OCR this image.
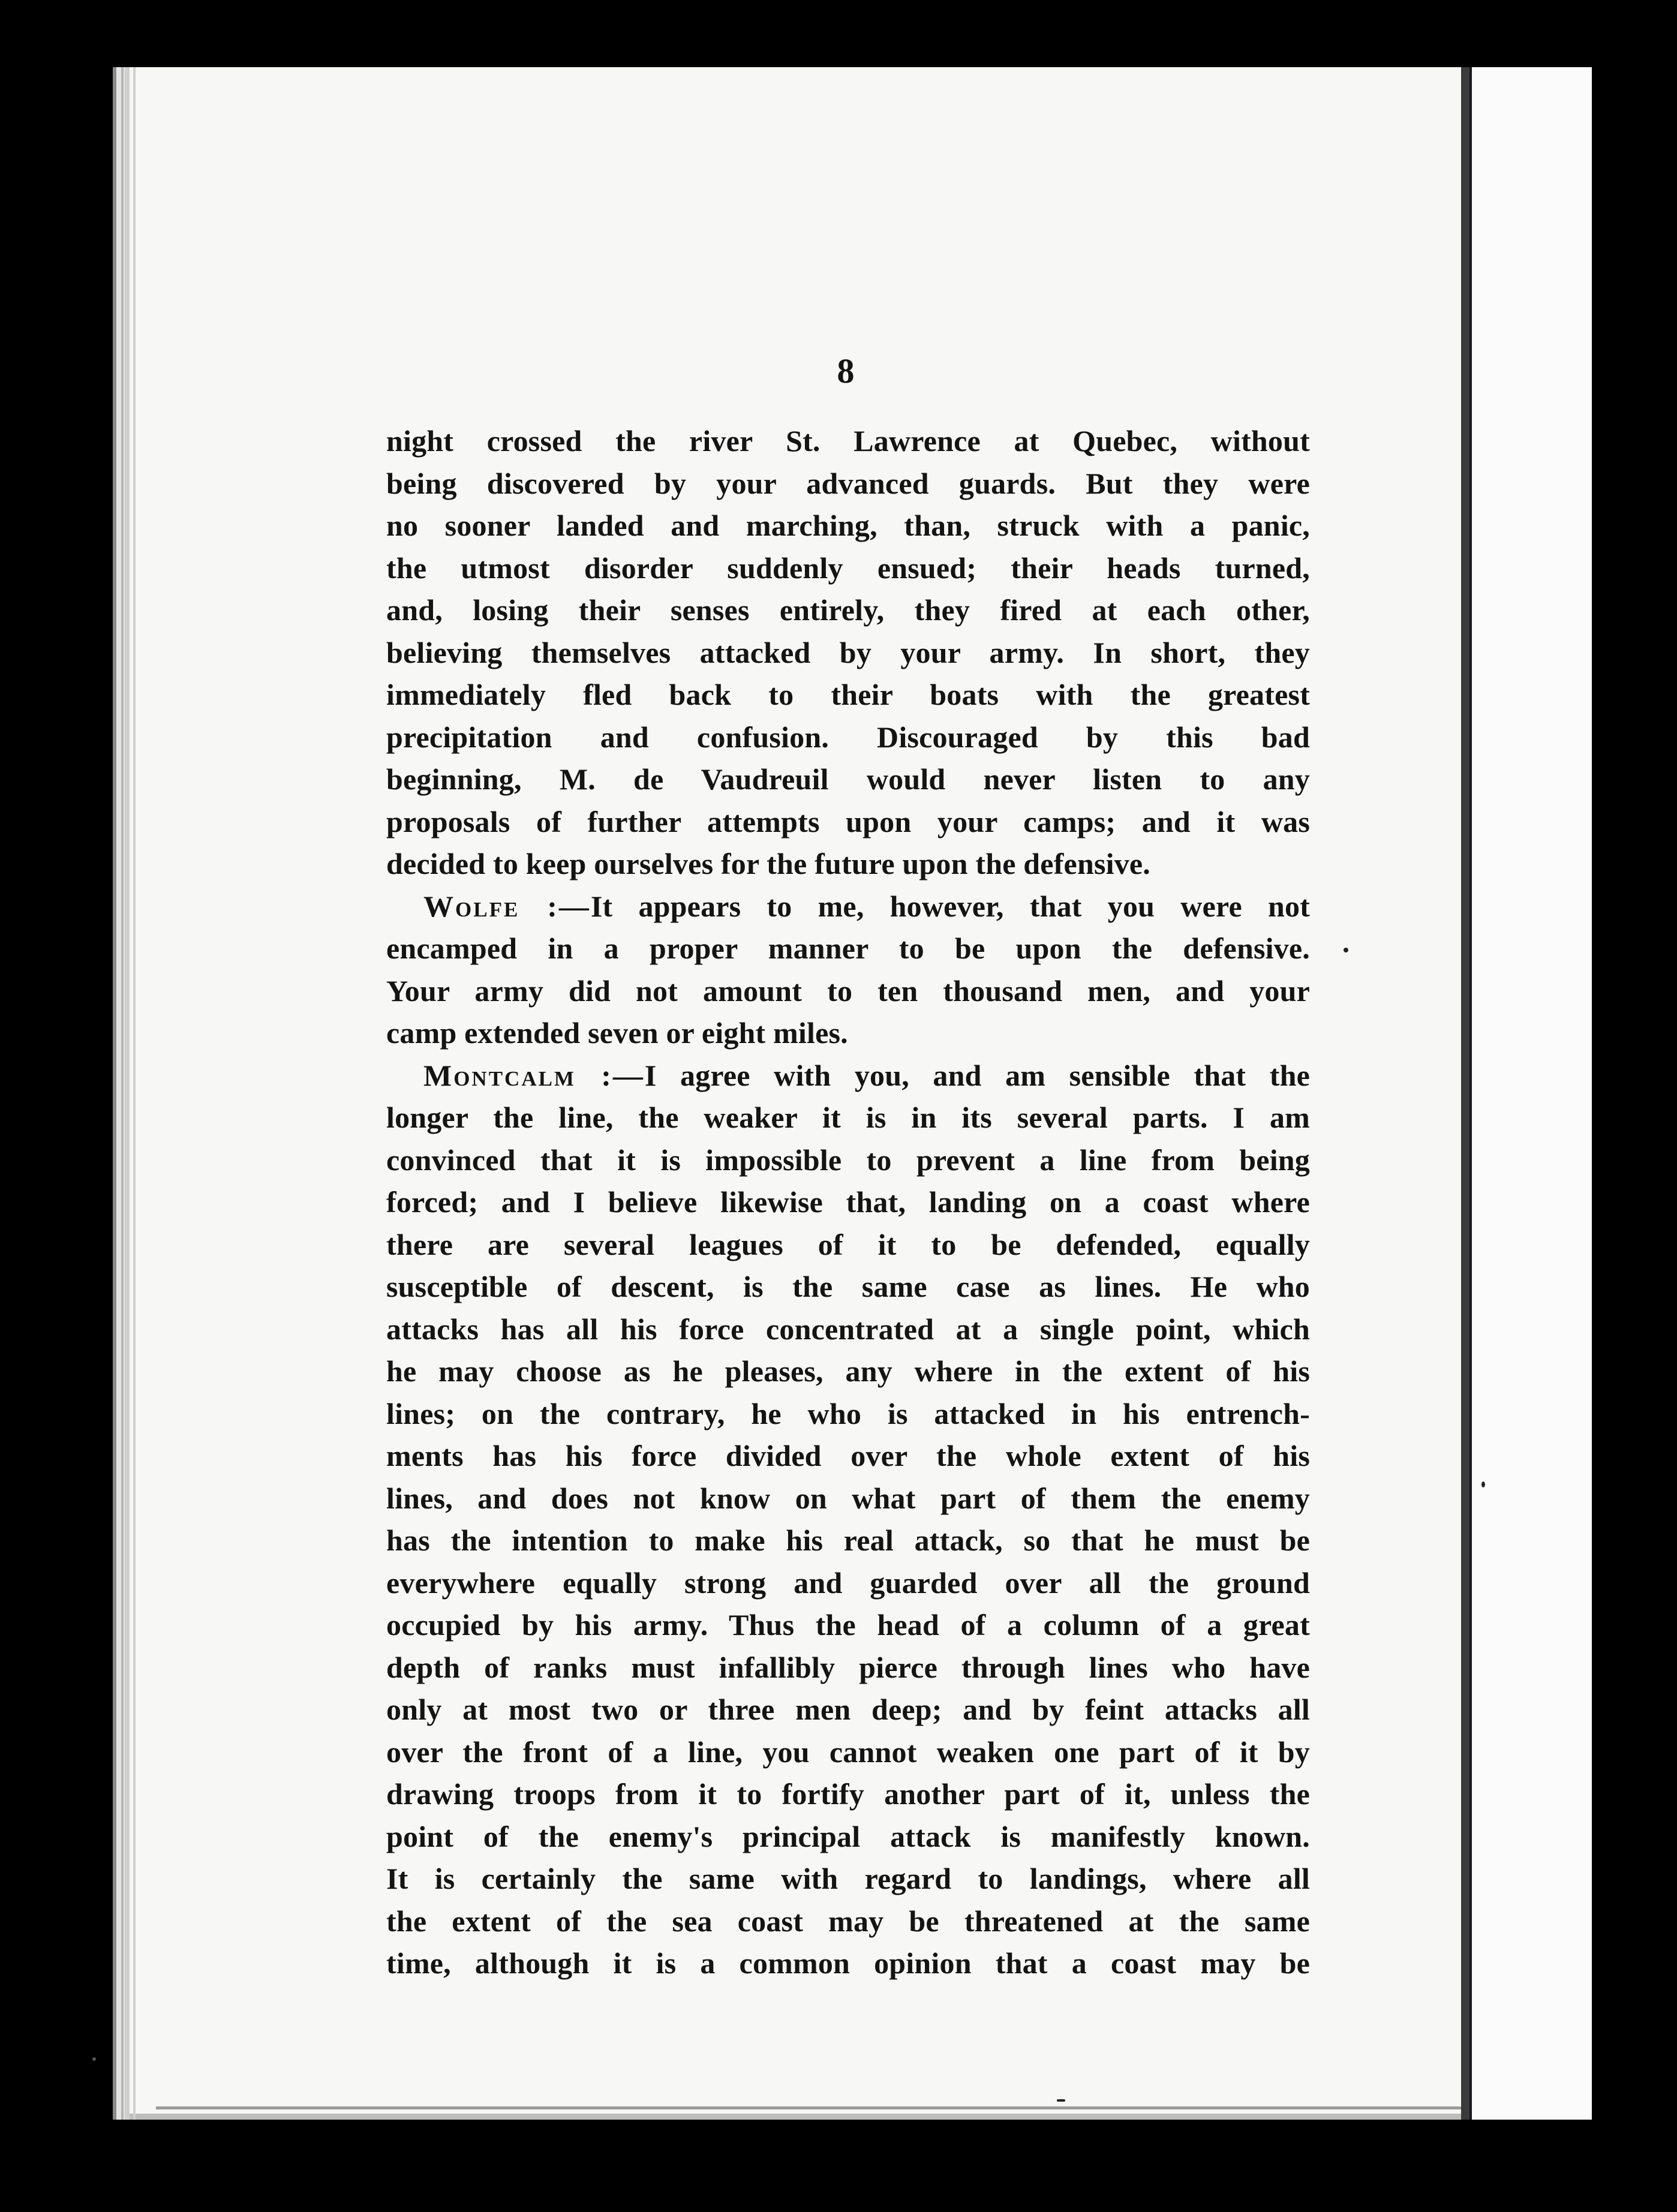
8
night crossed the river St. Lawrence at Quebec, without
being discovered by your advanced guards. But they were
no sooner landed and marching, than, struck with a panic,
the utmost disorder suddenly ensued; their heads turned,
and, losing their senses entirely, they fired at each other,
believing themselves attacked by your army. In short, they
immediately fled back to their boats with the greatest
precipitation and confusion. Discouraged by this bad
beginning, M. de Vaudreuil would never listen to any
proposals of further attempts upon your camps; and it was
decided to keep ourselves for the future upon the defensive.
Wolfe :—It appears to me, however, that you were not
encamped in a proper manner to be upon the defensive.
Your army did not amount to ten thousand men, and your
camp extended seven or eight miles.
Montcalm :—I agree with you, and am sensible that the
longer the line, the weaker it is in its several parts. I am
convinced that it is impossible to prevent a line from being
forced; and I believe likewise that, landing on a coast where
there are several leagues of it to be defended, equally
susceptible of descent, is the same case as lines. He who
attacks has all his force concentrated at a single point, which
he may choose as he pleases, any where in the extent of his
lines; on the contrary, he who is attacked in his entrench-
ments has his force divided over the whole extent of his
lines, and does not know on what part of them the enemy
has the intention to make his real attack, so that he must be
everywhere equally strong and guarded over all the ground
occupied by his army. Thus the head of a column of a great
depth of ranks must infallibly pierce through lines who have
only at most two or three men deep; and by feint attacks all
over the front of a line, you cannot weaken one part of it by
drawing troops from it to fortify another part of it, unless the
point of the enemy's principal attack is manifestly known.
It is certainly the same with regard to landings, where all
the extent of the sea coast may be threatened at the same
time, although it is a common opinion that a coast may be
